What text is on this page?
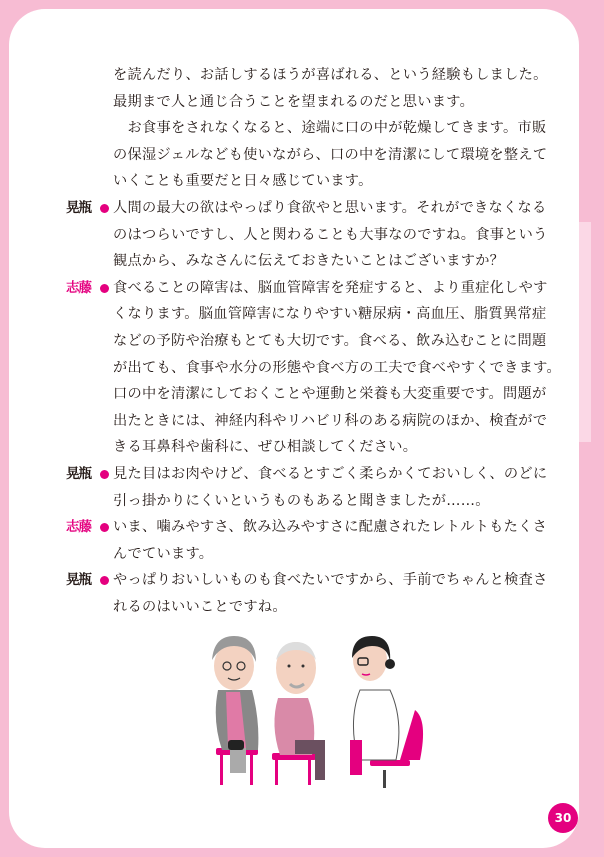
を読んだり、お話しするほうが喜ばれる、という経験もしました。
最期まで人と通じ合うことを望まれるのだと思います。
　お食事をされなくなると、途端に口の中が乾燥してきます。市販
の保湿ジェルなども使いながら、口の中を清潔にして環境を整えて
いくことも重要だと日々感じています。
人間の最大の欲はやっぱり食欲やと思います。それができなくなる
晃瓶
のはつらいですし、人と関わることも大事なのですね。食事という
観点から、みなさんに伝えておきたいことはございますか？
食べることの障害は、脳血管障害を発症すると、より重症化しやす
志藤
くなります。脳血管障害になりやすい糖尿病・高血圧、脂質異常症
などの予防や治療もとても大切です。食べる、飲み込むことに問題
が出ても、食事や水分の形態や食べ方の工夫で食べやすくできます。
口の中を清潔にしておくことや運動と栄養も大変重要です。問題が
出たときには、神経内科やリハビリ科のある病院のほか、検査がで
きる耳鼻科や歯科に、ぜひ相談してください。
見た目はお肉やけど、食べるとすごく柔らかくておいしく、のどに
晃瓶
引っ掛かりにくいというものもあると聞きましたが……。
いま、噛みやすさ、飲み込みやすさに配慮されたレトルトもたくさ
志藤
んでています。
やっぱりおいしいものも食べたいですから、手前でちゃんと検査さ
晃瓶
れるのはいいことですね。
30
